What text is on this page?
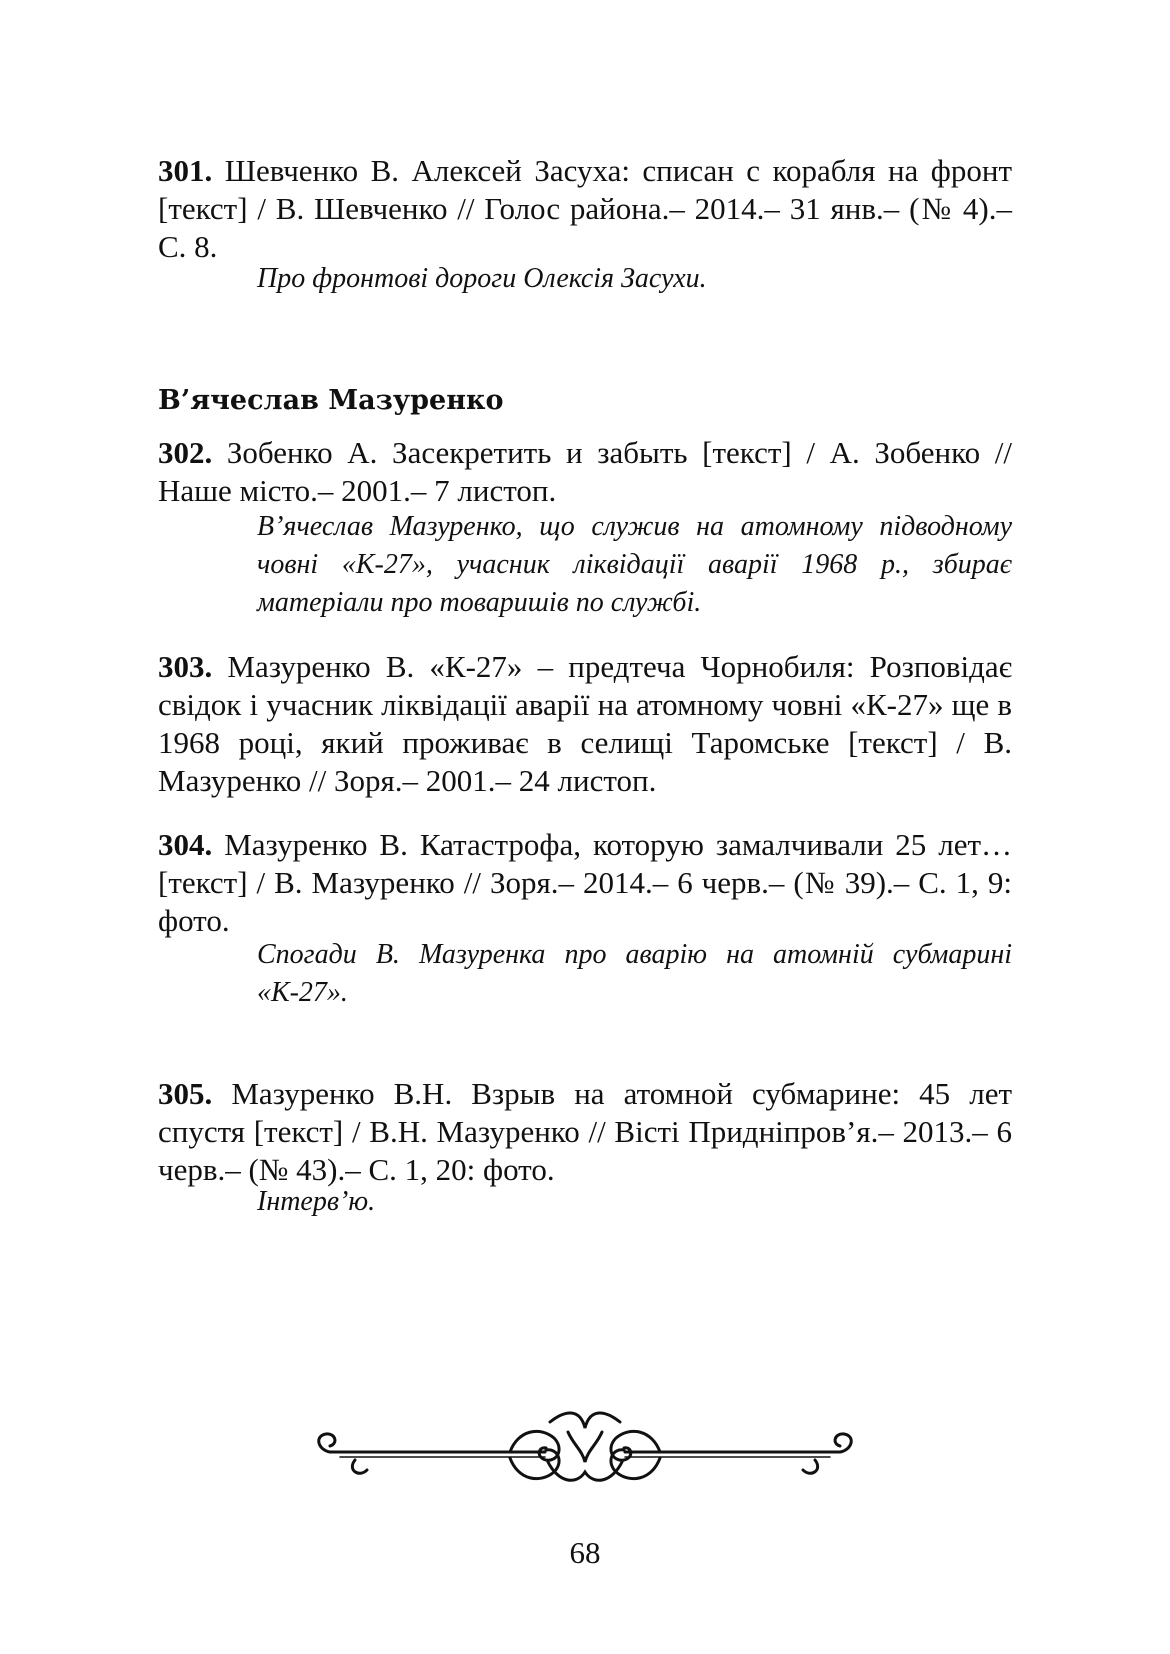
301. Шевченко В. Алексей Засуха: списан с корабля на фронт [текст] / В. Шевченко // Голос района.– 2014.– 31 янв.– (№ 4).– С. 8.
Про фронтові дороги Олексія Засухи.
В’ячеслав Мазуренко
302. Зобенко А. Засекретить и забыть [текст] / А. Зобенко // Наше місто.– 2001.– 7 листоп.
В’ячеслав Мазуренко, що служив на атомному підводному човні «К-27», учасник ліквідації аварії 1968 р., збирає матеріали про товаришів по службі.
303. Мазуренко В. «К-27» – предтеча Чорнобиля: Розповідає свідок і учасник ліквідації аварії на атомному човні «К-27» ще в 1968 році, який проживає в селищі Таромське [текст] / В. Мазуренко // Зоря.– 2001.– 24 листоп.
304. Мазуренко В. Катастрофа, которую замалчивали 25 лет… [текст] / В. Мазуренко // Зоря.– 2014.– 6 черв.– (№ 39).– С. 1, 9: фото.
Спогади В. Мазуренка про аварію на атомній субмарині «К-27».
305. Мазуренко В.Н. Взрыв на атомной субмарине: 45 лет спустя [текст] / В.Н. Мазуренко // Вісті Придніпров’я.– 2013.– 6 черв.– (№ 43).– С. 1, 20: фото.
Інтерв’ю.
68
